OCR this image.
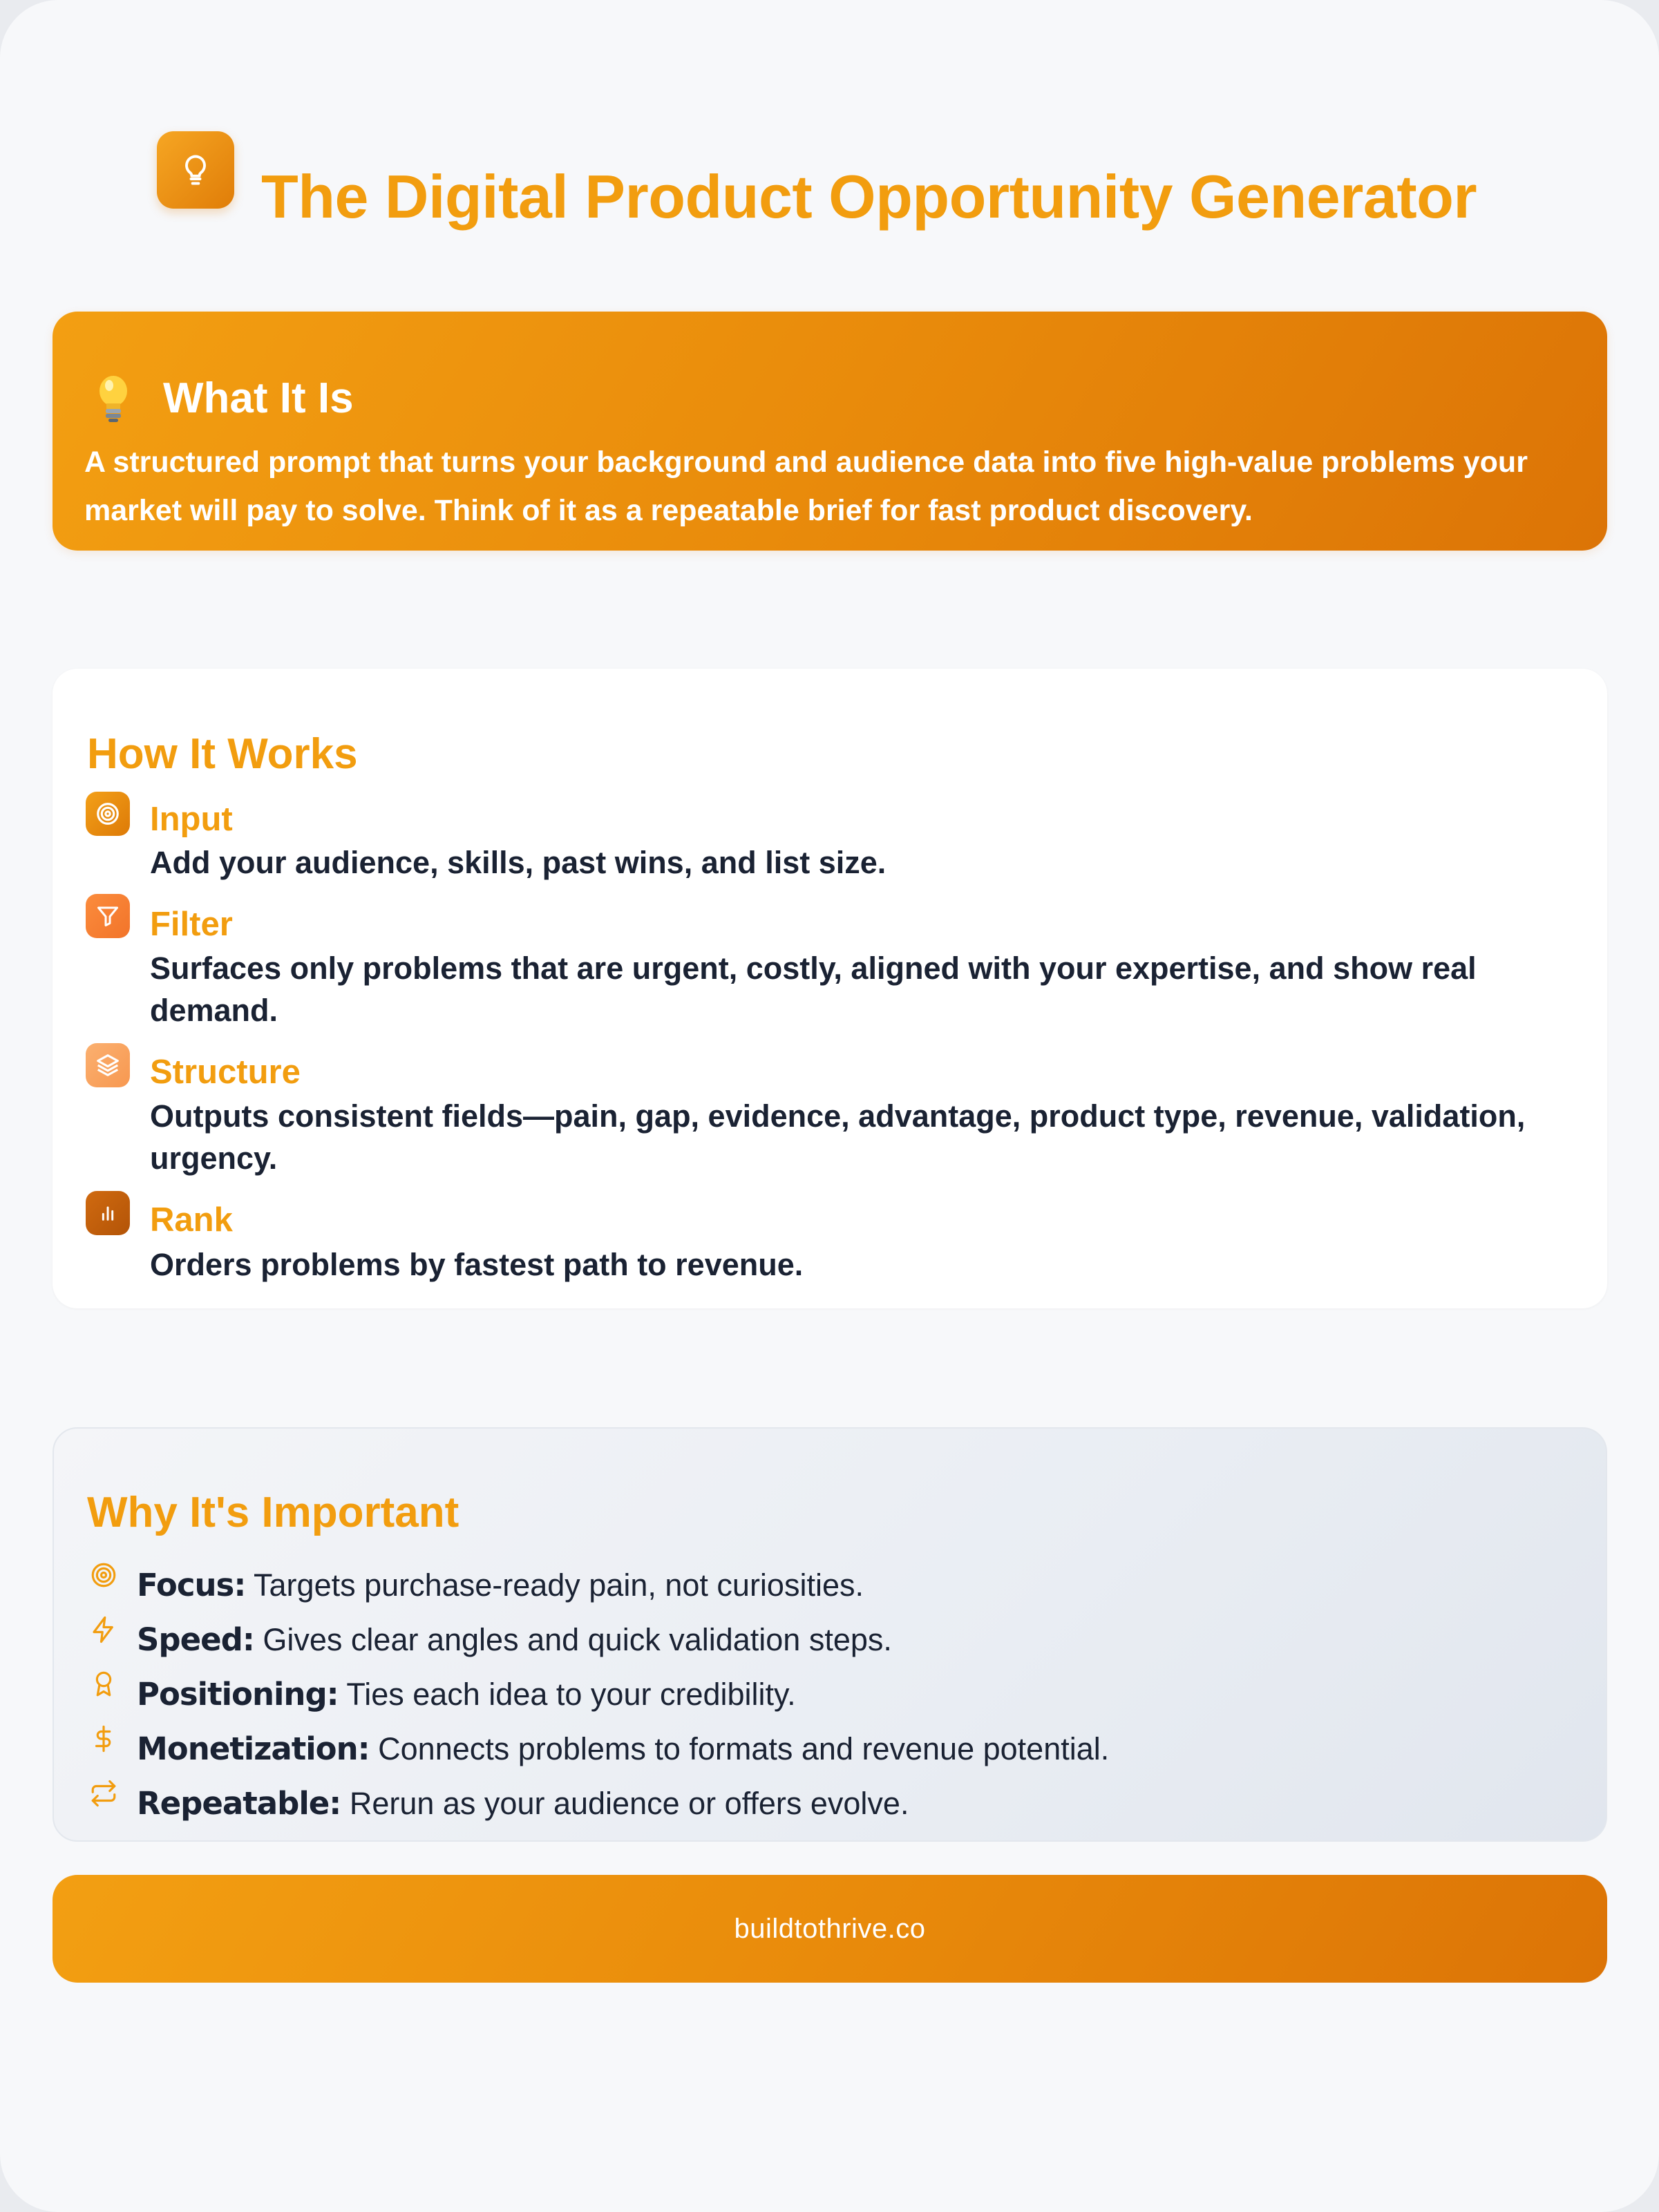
The Digital Product Opportunity Generator
What It Is
A structured prompt that turns your background and audience data into five high-value problems your market will pay to solve. Think of it as a repeatable brief for fast product discovery.
How It Works
Input
Add your audience, skills, past wins, and list size.
Filter
Surfaces only problems that are urgent, costly, aligned with your expertise, and show real demand.
Structure
Outputs consistent fields—pain, gap, evidence, advantage, product type, revenue, validation, urgency.
Rank
Orders problems by fastest path to revenue.
Why It's Important
Focus: Targets purchase-ready pain, not curiosities.
Speed: Gives clear angles and quick validation steps.
Positioning: Ties each idea to your credibility.
Monetization: Connects problems to formats and revenue potential.
Repeatable: Rerun as your audience or offers evolve.
buildtothrive.co
